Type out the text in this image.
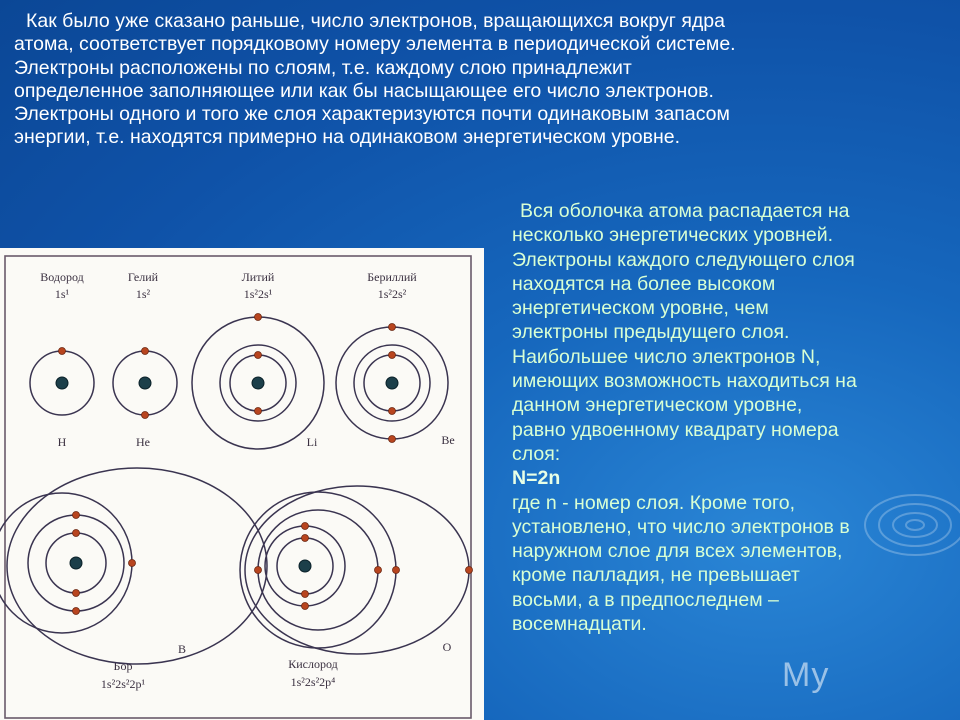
Как было уже сказано раньше, число электронов, вращающихся вокруг ядра

атома, соответствует порядковому номеру элемента в периодической системе.

Электроны расположены по слоям, т.е. каждому слою принадлежит

определенное заполняющее или как бы насыщающее его число электронов.

Электроны одного и того же слоя характеризуются почти одинаковым запасом

энергии, т.е. находятся примерно на одинаковом энергетическом уровне.

Вся оболочка атома распадается на

несколько энергетических уровней.

Электроны каждого следующего слоя

находятся на более высоком

энергетическом уровне, чем

электроны предыдущего слоя.

Наибольшее число электронов N,

имеющих возможность находиться на

данном энергетическом уровне,

равно удвоенному квадрату номера

слоя:

N=2n

где n - номер слоя. Кроме того,

установлено, что число электронов в

наружном слое для всех элементов,

кроме палладия, не превышает

восьми, а в предпоследнем –

восемнадцати.

Водород
1s¹
Гелий
1s²
Литий
1s²2s¹
Бериллий
1s²2s²
H	He	Li	Be
B	O
Бор
1s²2s²2p¹
Кислород
1s²2s²2p⁴	My
